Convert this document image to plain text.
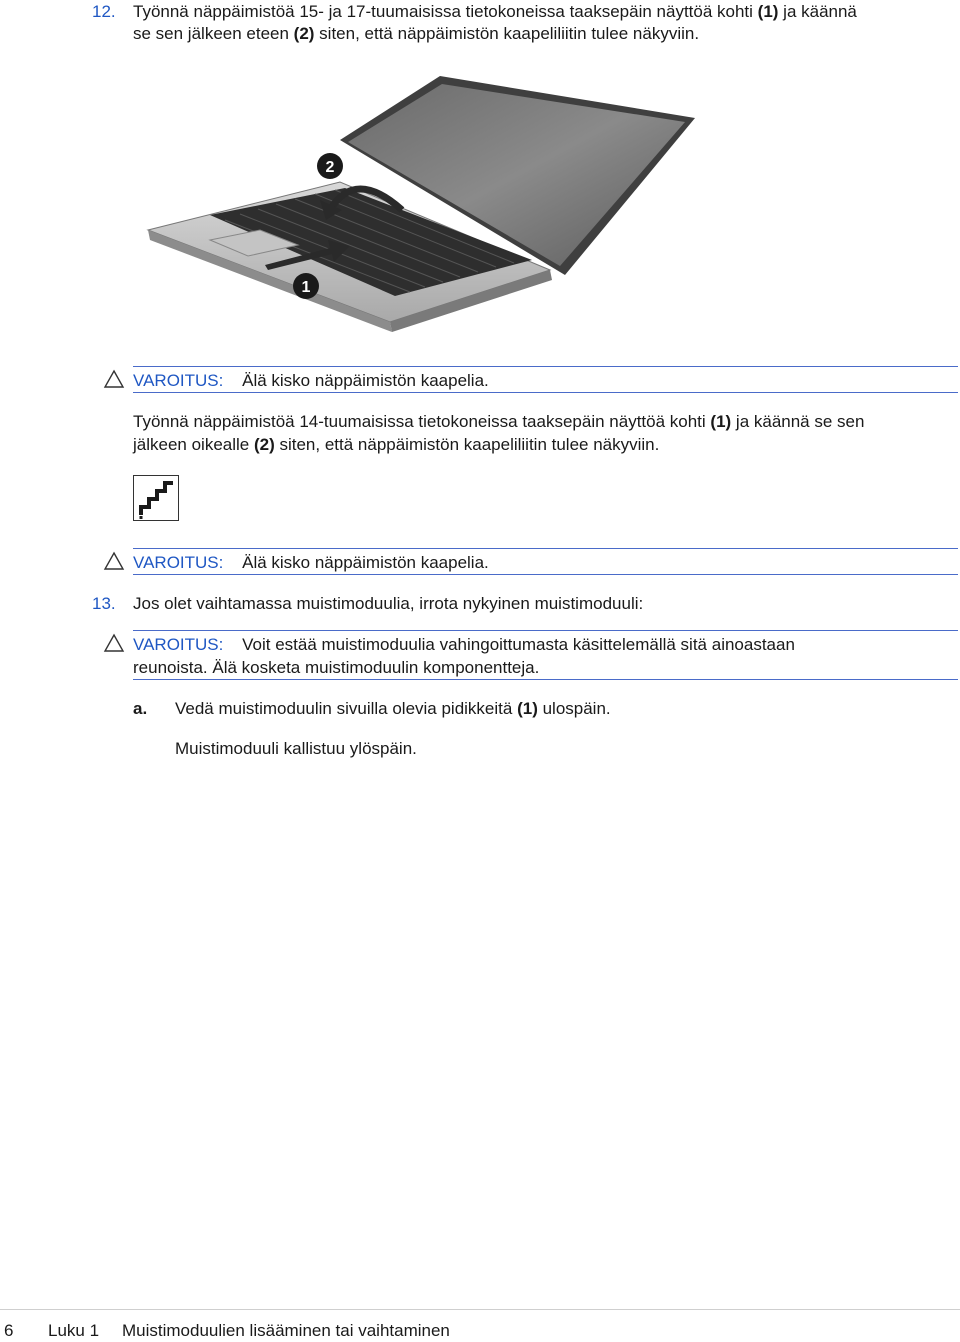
12. Työnnä näppäimistöä 15- ja 17-tuumaisissa tietokoneissa taaksepäin näyttöä kohti (1) ja käännä
se sen jälkeen eteen (2) siten, että näppäimistön kaapeliliitin tulee näkyviin.
1
2
VAROITUS: Älä kisko näppäimistön kaapelia.
Työnnä näppäimistöä 14-tuumaisissa tietokoneissa taaksepäin näyttöä kohti (1) ja käännä se sen
jälkeen oikealle (2) siten, että näppäimistön kaapeliliitin tulee näkyviin.
VAROITUS: Älä kisko näppäimistön kaapelia.
13. Jos olet vaihtamassa muistimoduulia, irrota nykyinen muistimoduuli:
VAROITUS: Voit estää muistimoduulia vahingoittumasta käsittelemällä sitä ainoastaan
reunoista. Älä kosketa muistimoduulin komponentteja.
a. Vedä muistimoduulin sivuilla olevia pidikkeitä (1) ulospäin.
Muistimoduuli kallistuu ylöspäin.
6 Luku 1 Muistimoduulien lisääminen tai vaihtaminen
